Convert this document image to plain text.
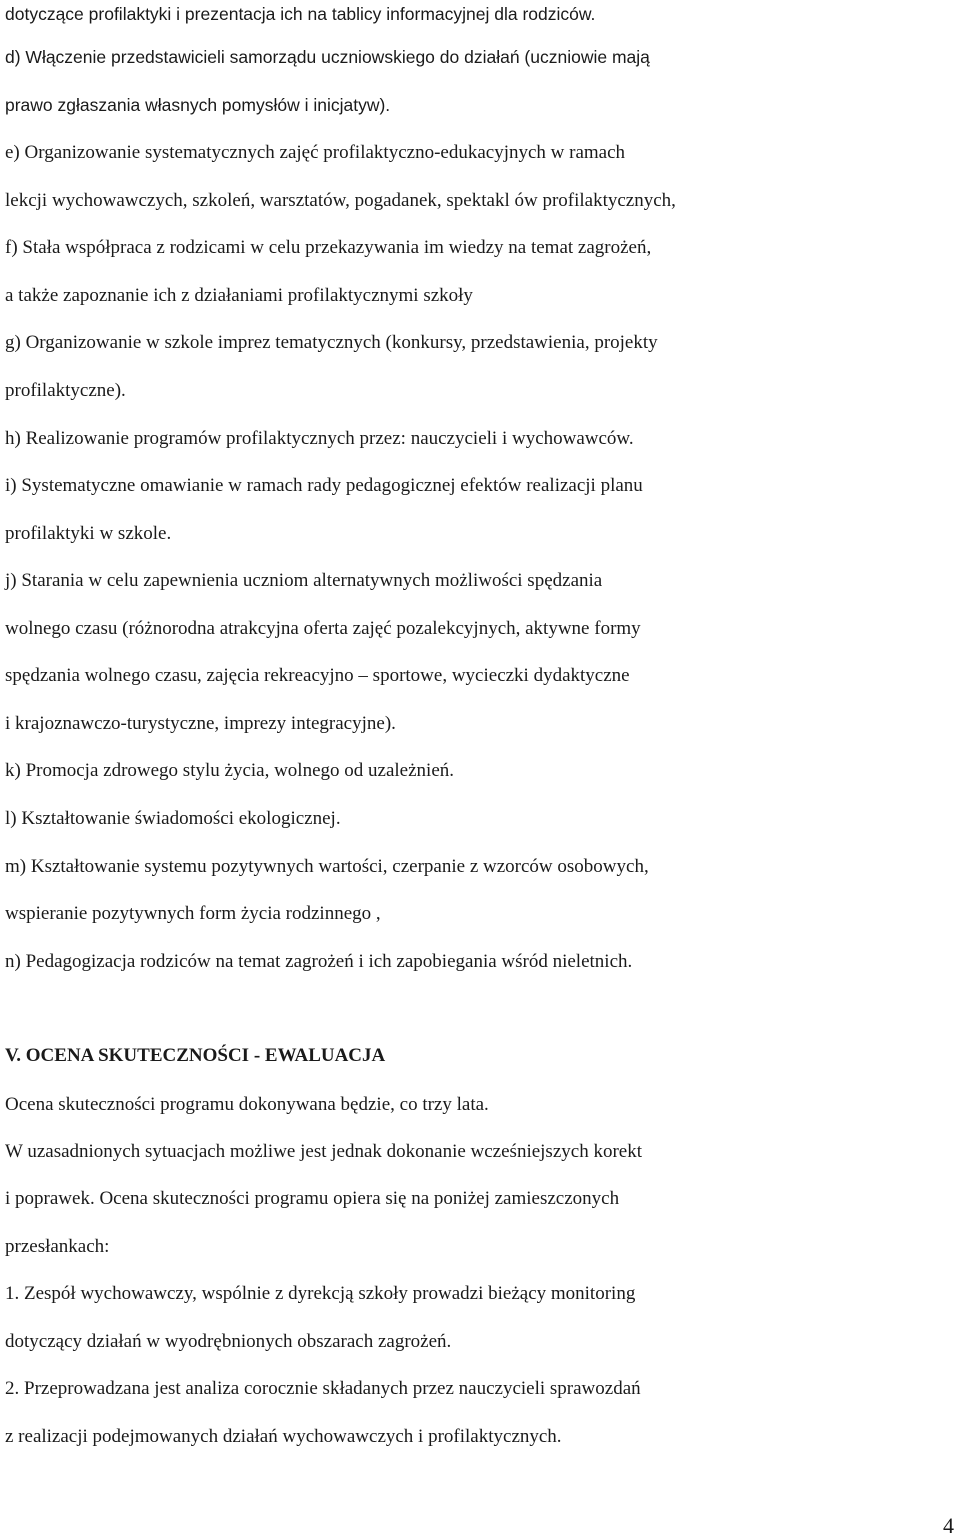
dotyczące profilaktyki i prezentacja ich na tablicy informacyjnej dla rodziców.
d) Włączenie przedstawicieli samorządu uczniowskiego do działań (uczniowie mają
prawo zgłaszania własnych pomysłów i inicjatyw).
e) Organizowanie systematycznych zajęć profilaktyczno-edukacyjnych w ramach
lekcji wychowawczych, szkoleń, warsztatów, pogadanek, spektakl ów profilaktycznych,
f) Stała współpraca z rodzicami w celu przekazywania im wiedzy na temat zagrożeń,
a także zapoznanie ich z działaniami profilaktycznymi szkoły
g) Organizowanie w szkole imprez tematycznych (konkursy, przedstawienia, projekty
profilaktyczne).
h) Realizowanie programów profilaktycznych przez: nauczycieli i wychowawców.
i) Systematyczne omawianie w ramach rady pedagogicznej efektów realizacji planu
profilaktyki w szkole.
j) Starania w celu zapewnienia uczniom alternatywnych możliwości spędzania
wolnego czasu (różnorodna atrakcyjna oferta zajęć pozalekcyjnych, aktywne formy
spędzania wolnego czasu, zajęcia rekreacyjno – sportowe, wycieczki dydaktyczne
i krajoznawczo-turystyczne, imprezy integracyjne).
k) Promocja zdrowego stylu życia, wolnego od uzależnień.
l) Kształtowanie świadomości ekologicznej.
m) Kształtowanie systemu pozytywnych wartości, czerpanie z wzorców osobowych,
wspieranie pozytywnych form życia rodzinnego ,
n) Pedagogizacja rodziców na temat zagrożeń i ich zapobiegania wśród nieletnich.
V. OCENA SKUTECZNOŚCI - EWALUACJA
Ocena skuteczności programu dokonywana będzie, co trzy lata.
W uzasadnionych sytuacjach możliwe jest jednak dokonanie wcześniejszych korekt
i poprawek. Ocena skuteczności programu opiera się na poniżej zamieszczonych
przesłankach:
1. Zespół wychowawczy, wspólnie z dyrekcją szkoły prowadzi bieżący monitoring
dotyczący działań w wyodrębnionych obszarach zagrożeń.
2. Przeprowadzana jest analiza corocznie składanych przez nauczycieli sprawozdań
z realizacji podejmowanych działań wychowawczych i profilaktycznych.
4
